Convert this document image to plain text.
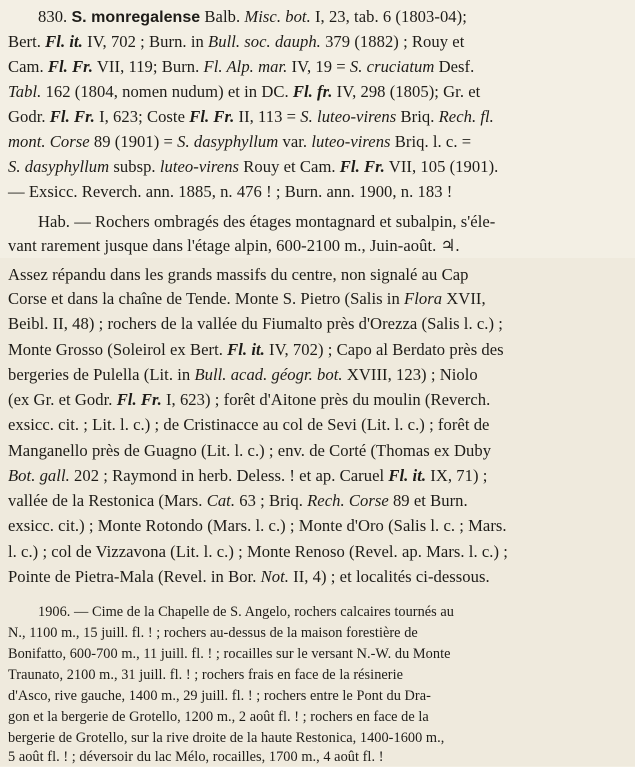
830. S. monregalense Balb. Misc. bot. I, 23, tab. 6 (1803-04);
Bert. Fl. it. IV, 702 ; Burn. in Bull. soc. dauph. 379 (1882) ; Rouy et
Cam. Fl. Fr. VII, 119; Burn. Fl. Alp. mar. IV, 19 = S. cruciatum Desf.
Tabl. 162 (1804, nomen nudum) et in DC. Fl. fr. IV, 298 (1805); Gr. et
Godr. Fl. Fr. I, 623; Coste Fl. Fr. II, 113 = S. luteo-virens Briq. Rech. fl.
mont. Corse 89 (1901) = S. dasyphyllum var. luteo-virens Briq. l. c. =
S. dasyphyllum subsp. luteo-virens Rouy et Cam. Fl. Fr. VII, 105 (1901).
— Exsicc. Reverch. ann. 1885, n. 476 ! ; Burn. ann. 1900, n. 183 !
Hab. — Rochers ombragés des étages montagnard et subalpin, s'éle-
vant rarement jusque dans l'étage alpin, 600-2100 m., Juin-août. ♃.
Assez répandu dans les grands massifs du centre, non signalé au Cap
Corse et dans la chaîne de Tende. Monte S. Pietro (Salis in Flora XVII,
Beibl. II, 48) ; rochers de la vallée du Fiumalto près d'Orezza (Salis l. c.) ;
Monte Grosso (Soleirol ex Bert. Fl. it. IV, 702) ; Capo al Berdato près des
bergeries de Pulella (Lit. in Bull. acad. géogr. bot. XVIII, 123) ; Niolo
(ex Gr. et Godr. Fl. Fr. I, 623) ; forêt d'Aitone près du moulin (Reverch.
exsicc. cit. ; Lit. l. c.) ; de Cristinacce au col de Sevi (Lit. l. c.) ; forêt de
Manganello près de Guagno (Lit. l. c.) ; env. de Corté (Thomas ex Duby
Bot. gall. 202 ; Raymond in herb. Deless. ! et ap. Caruel Fl. it. IX, 71) ;
vallée de la Restonica (Mars. Cat. 63 ; Briq. Rech. Corse 89 et Burn.
exsicc. cit.) ; Monte Rotondo (Mars. l. c.) ; Monte d'Oro (Salis l. c. ; Mars.
l. c.) ; col de Vizzavona (Lit. l. c.) ; Monte Renoso (Revel. ap. Mars. l. c.) ;
Pointe de Pietra-Mala (Revel. in Bor. Not. II, 4) ; et localités ci-dessous.
1906. — Cime de la Chapelle de S. Angelo, rochers calcaires tournés au
N., 1100 m., 15 juill. fl. ! ; rochers au-dessus de la maison forestière de
Bonifatto, 600-700 m., 11 juill. fl. ! ; rocailles sur le versant N.-W. du Monte
Traunato, 2100 m., 31 juill. fl. ! ; rochers frais en face de la résinerie
d'Asco, rive gauche, 1400 m., 29 juill. fl. ! ; rochers entre le Pont du Dra-
gon et la bergerie de Grotello, 1200 m., 2 août fl. ! ; rochers en face de la
bergerie de Grotello, sur la rive droite de la haute Restonica, 1400-1600 m.,
5 août fl. ! ; déversoir du lac Mélo, rocailles, 1700 m., 4 août fl. !
